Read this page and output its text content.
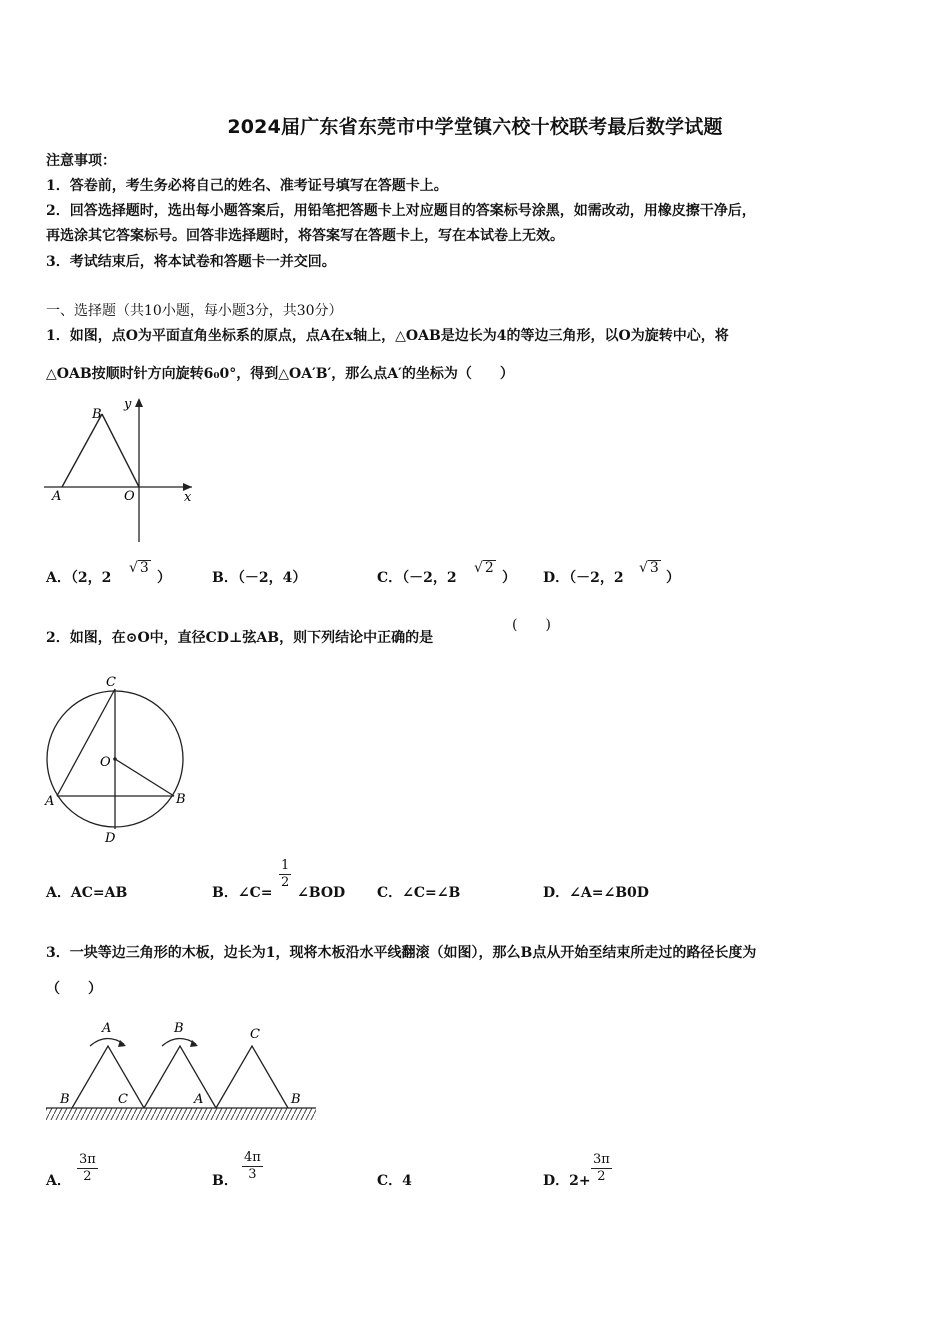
2024届广东省东莞市中学堂镇六校十校联考最后数学试题
注意事项：
1．答卷前，考生务必将自己的姓名、准考证号填写在答题卡上。
2．回答选择题时，选出每小题答案后，用铅笔把答题卡上对应题目的答案标号涂黑，如需改动，用橡皮擦干净后，
再选涂其它答案标号。回答非选择题时，将答案写在答题卡上，写在本试卷上无效。
3．考试结束后，将本试卷和答题卡一并交回。
一、选择题（共10小题，每小题3分，共30分）
1．如图，点O为平面直角坐标系的原点，点A在x轴上，△OAB是边长为4的等边三角形，以O为旋转中心，将
△OAB按顺时针方向旋转6₀0°，得到△OA′B′，那么点A′的坐标为（　　）
B
y
A	O	x
A．（2，2
√ 3
）	B．（－2，4）	C．（－2，2
√ 2
） D．（－2，2
√ 3
）
2．如图，在⊙O中，直径CD⊥弦AB，则下列结论中正确的是
(　　)
C
O
A	B
D
A．AC=AB	B．∠C=
$\frac{1}{2}$
∠BOD C．∠C=∠B	D．∠A=∠B0D
3．一块等边三角形的木板，边长为1，现将木板沿水平线翻滚（如图），那么B点从开始至结束所走过的路径长度为
（　　）
A	B	C
B	C	A	B
A． $\frac{3\pi}{2}$	B． $\frac{4\pi}{3}$	C．4	D．$2+ \frac{3\pi}{2}$
